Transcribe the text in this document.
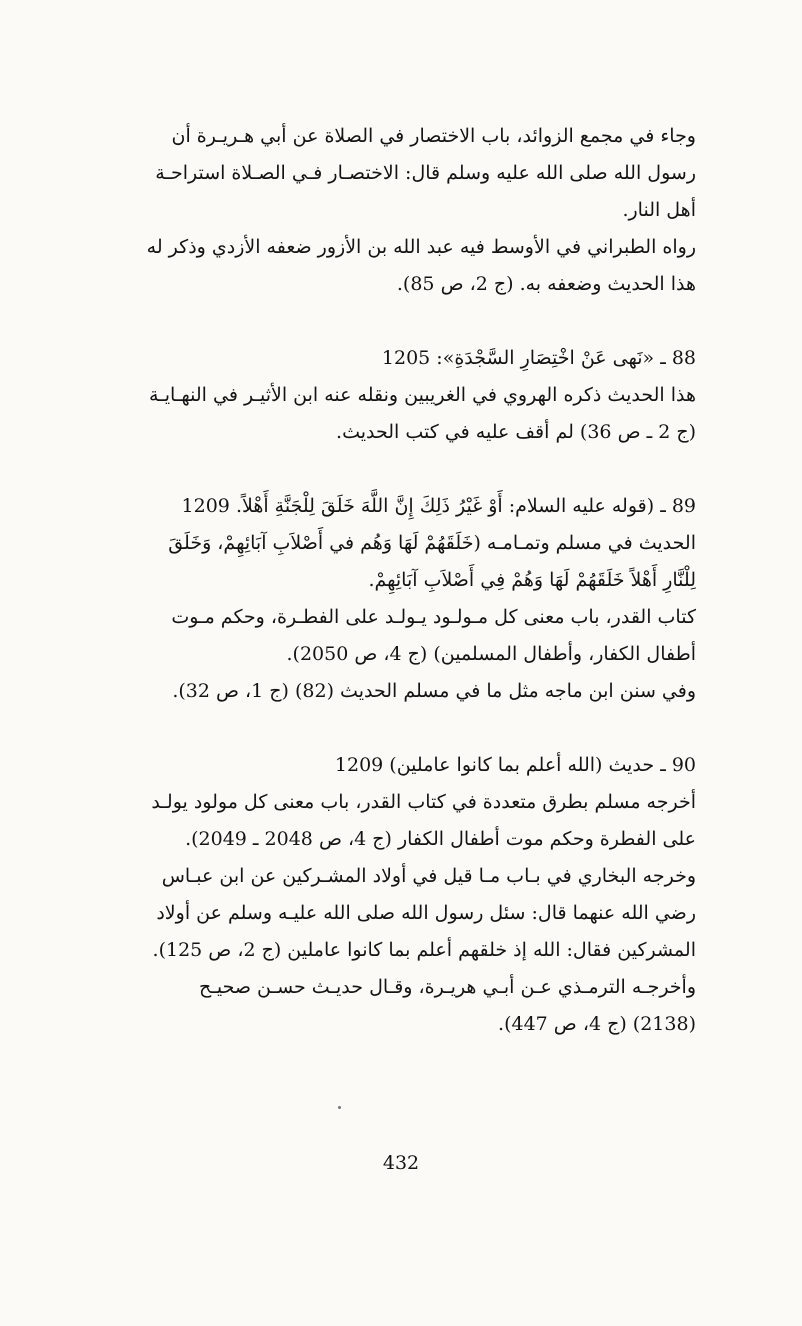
وجاء في مجمع الزوائد، باب الاختصار في الصلاة عن أبي هـريـرة أن
رسول الله صلى الله عليه وسلم قال: الاختصـار فـي الصـلاة استراحـة
أهل النار.
رواه الطبراني في الأوسط فيه عبد الله بن الأزور ضعفه الأزدي وذكر له
هذا الحديث وضعفه به. (ج 2، ص 85).
88 ـ «نَهى عَنْ اخْتِصَارِ السَّجْدَةِ»: 1205
هذا الحديث ذكره الهروي في الغريبين ونقله عنه ابن الأثيـر في النهـايـة
(ج 2 ـ ص 36) لم أقف عليه في كتب الحديث.
89 ـ (قوله عليه السلام: أَوْ غَيْرُ ذَلِكَ إِنَّ اللَّهَ خَلَقَ لِلْجَنَّةِ أَهْلاً. 1209
الحديث في مسلم وتمـامـه (خَلَقَهُمْ لَهَا وَهُم في أَصْلاَبِ آبَائِهِمْ، وَخَلَقَ
لِلْنَّارِ أَهْلاً خَلَقَهُمْ لَهَا وَهُمْ فِي أَصْلاَبِ آبَائِهِمْ.
كتاب القدر، باب معنى كل مـولـود يـولـد على الفطـرة، وحكم مـوت
أطفال الكفار، وأطفال المسلمين) (ج 4، ص 2050).
وفي سنن ابن ماجه مثل ما في مسلم الحديث (82) (ج 1، ص 32).
90 ـ حديث (الله أعلم بما كانوا عاملين) 1209
أخرجه مسلم بطرق متعددة في كتاب القدر، باب معنى كل مولود يولـد
على الفطرة وحكم موت أطفال الكفار (ج 4، ص 2048 ـ 2049).
وخرجه البخاري في بـاب مـا قيل في أولاد المشـركين عن ابن عبـاس
رضي الله عنهما قال: سئل رسول الله صلى الله عليـه وسلم عن أولاد
المشركين فقال: الله إذ خلقهم أعلم بما كانوا عاملين (ج 2، ص 125).
وأخرجـه الترمـذي عـن أبـي هريـرة، وقـال حديـث حسـن صحيـح
(2138) (ج 4، ص 447).
432
